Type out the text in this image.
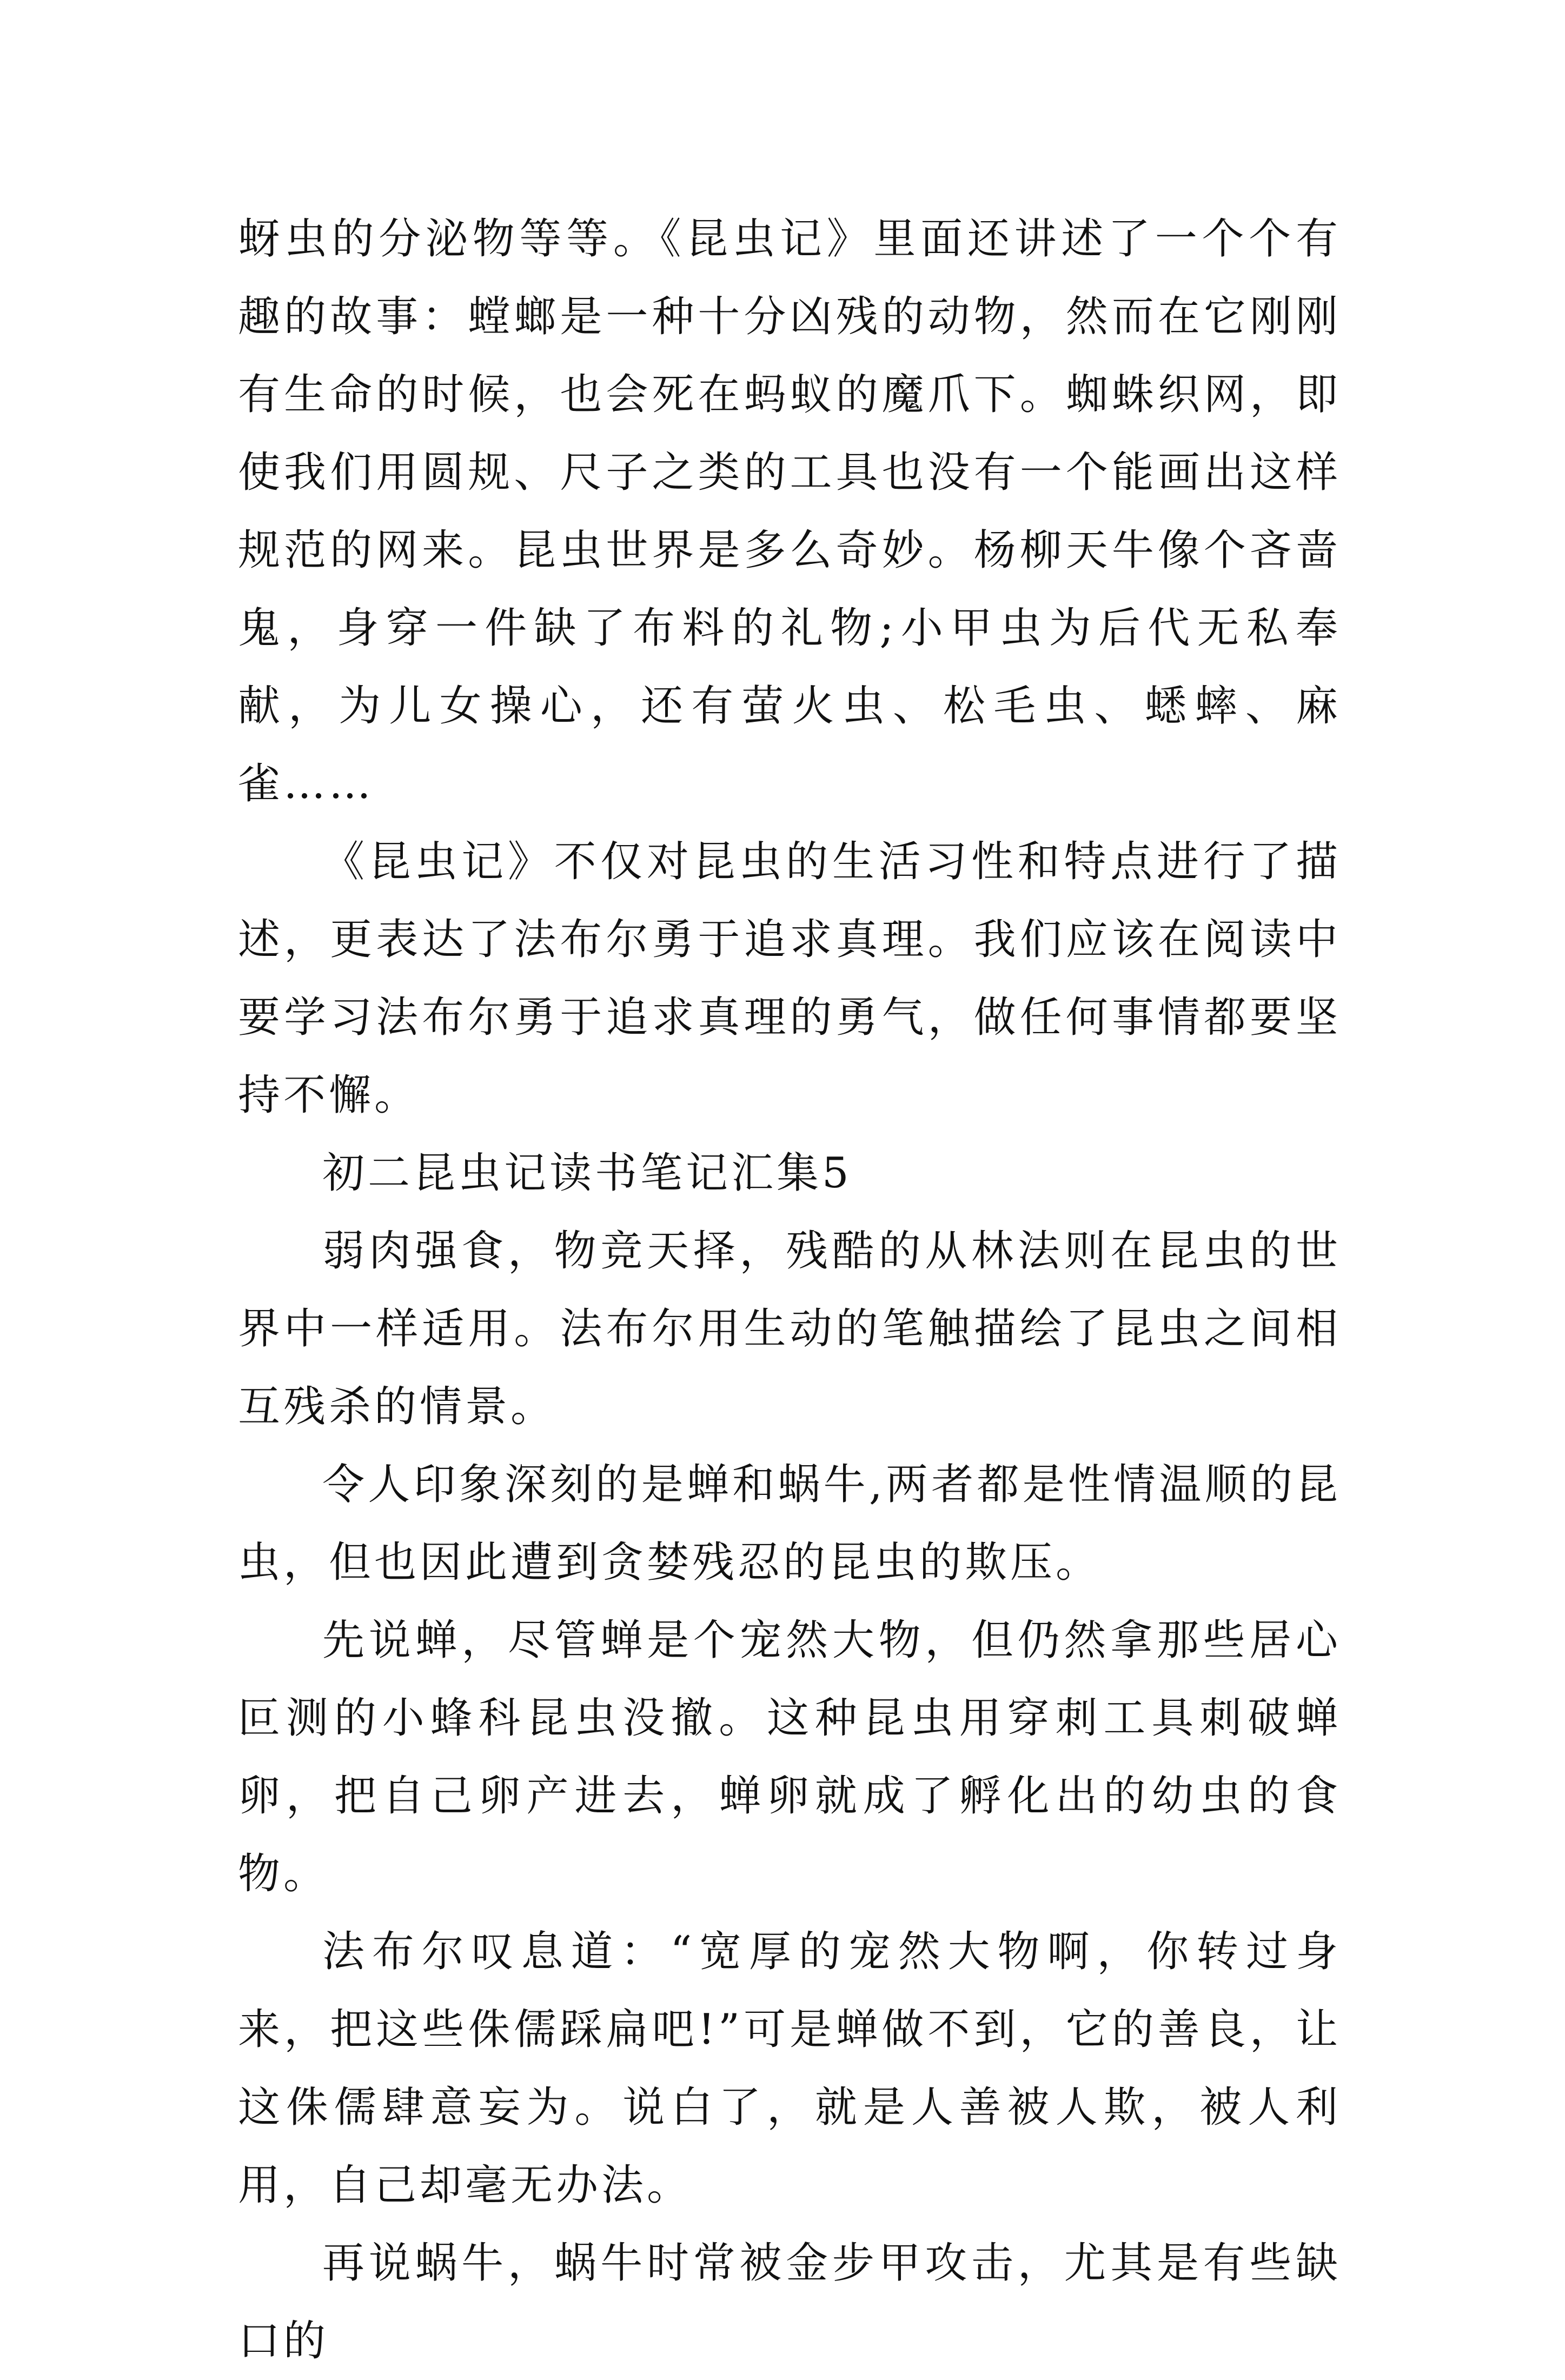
蚜虫的分泌物等等。《昆虫记》里面还讲述了一个个有趣的故事：螳螂是一种十分凶残的动物，然而在它刚刚有生命的时候，也会死在蚂蚁的魔爪下。蜘蛛织网，即使我们用圆规、尺子之类的工具也没有一个能画出这样规范的网来。昆虫世界是多么奇妙。杨柳天牛像个吝啬鬼，身穿一件缺了布料的礼物;小甲虫为后代无私奉献，为儿女操心，还有萤火虫、松毛虫、蟋蟀、麻雀……

《昆虫记》不仅对昆虫的生活习性和特点进行了描述，更表达了法布尔勇于追求真理。我们应该在阅读中要学习法布尔勇于追求真理的勇气，做任何事情都要坚持不懈。

初二昆虫记读书笔记汇集5

弱肉强食，物竞天择，残酷的从林法则在昆虫的世界中一样适用。法布尔用生动的笔触描绘了昆虫之间相互残杀的情景。

令人印象深刻的是蝉和蜗牛,两者都是性情温顺的昆虫，但也因此遭到贪婪残忍的昆虫的欺压。

先说蝉，尽管蝉是个宠然大物，但仍然拿那些居心叵测的小蜂科昆虫没撤。这种昆虫用穿刺工具刺破蝉卵，把自己卵产进去，蝉卵就成了孵化出的幼虫的食物。

法布尔叹息道：“宽厚的宠然大物啊，你转过身来，把这些侏儒踩扁吧!”可是蝉做不到，它的善良，让这侏儒肆意妄为。说白了，就是人善被人欺，被人利用，自己却毫无办法。

再说蜗牛，蜗牛时常被金步甲攻击，尤其是有些缺口的
